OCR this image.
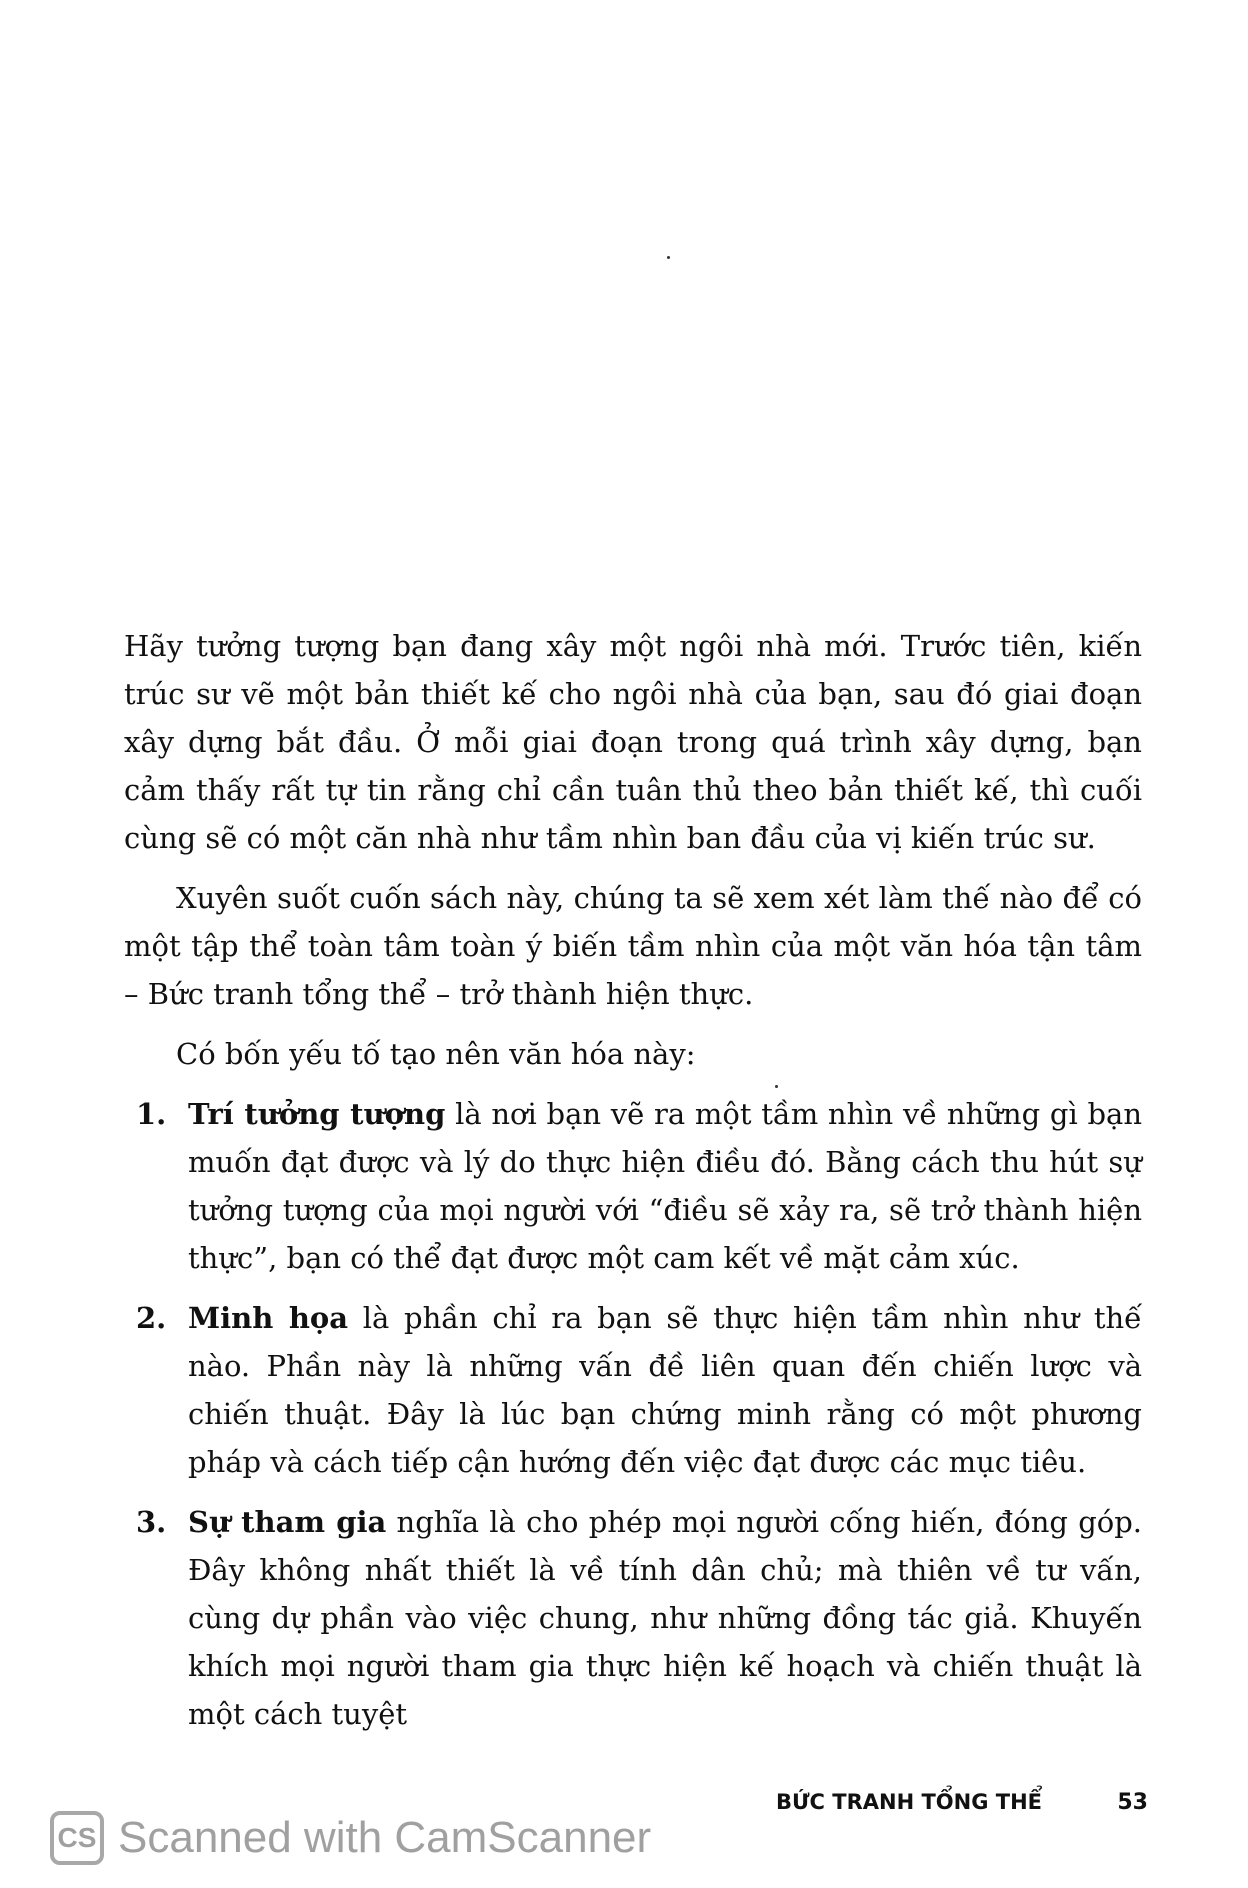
Hãy tưởng tượng bạn đang xây một ngôi nhà mới. Trước tiên, kiến trúc sư vẽ một bản thiết kế cho ngôi nhà của bạn, sau đó giai đoạn xây dựng bắt đầu. Ở mỗi giai đoạn trong quá trình xây dựng, bạn cảm thấy rất tự tin rằng chỉ cần tuân thủ theo bản thiết kế, thì cuối cùng sẽ có một căn nhà như tầm nhìn ban đầu của vị kiến trúc sư.

Xuyên suốt cuốn sách này, chúng ta sẽ xem xét làm thế nào để có một tập thể toàn tâm toàn ý biến tầm nhìn của một văn hóa tận tâm – Bức tranh tổng thể – trở thành hiện thực.

Có bốn yếu tố tạo nên văn hóa này:

1. Trí tưởng tượng là nơi bạn vẽ ra một tầm nhìn về những gì bạn muốn đạt được và lý do thực hiện điều đó. Bằng cách thu hút sự tưởng tượng của mọi người với “điều sẽ xảy ra, sẽ trở thành hiện thực”, bạn có thể đạt được một cam kết về mặt cảm xúc.
2. Minh họa là phần chỉ ra bạn sẽ thực hiện tầm nhìn như thế nào. Phần này là những vấn đề liên quan đến chiến lược và chiến thuật. Đây là lúc bạn chứng minh rằng có một phương pháp và cách tiếp cận hướng đến việc đạt được các mục tiêu.
3. Sự tham gia nghĩa là cho phép mọi người cống hiến, đóng góp. Đây không nhất thiết là về tính dân chủ; mà thiên về tư vấn, cùng dự phần vào việc chung, như những đồng tác giả. Khuyến khích mọi người tham gia thực hiện kế hoạch và chiến thuật là một cách tuyệt
BỨC TRANH TỔNG THỂ	53
CS Scanned with CamScanner
